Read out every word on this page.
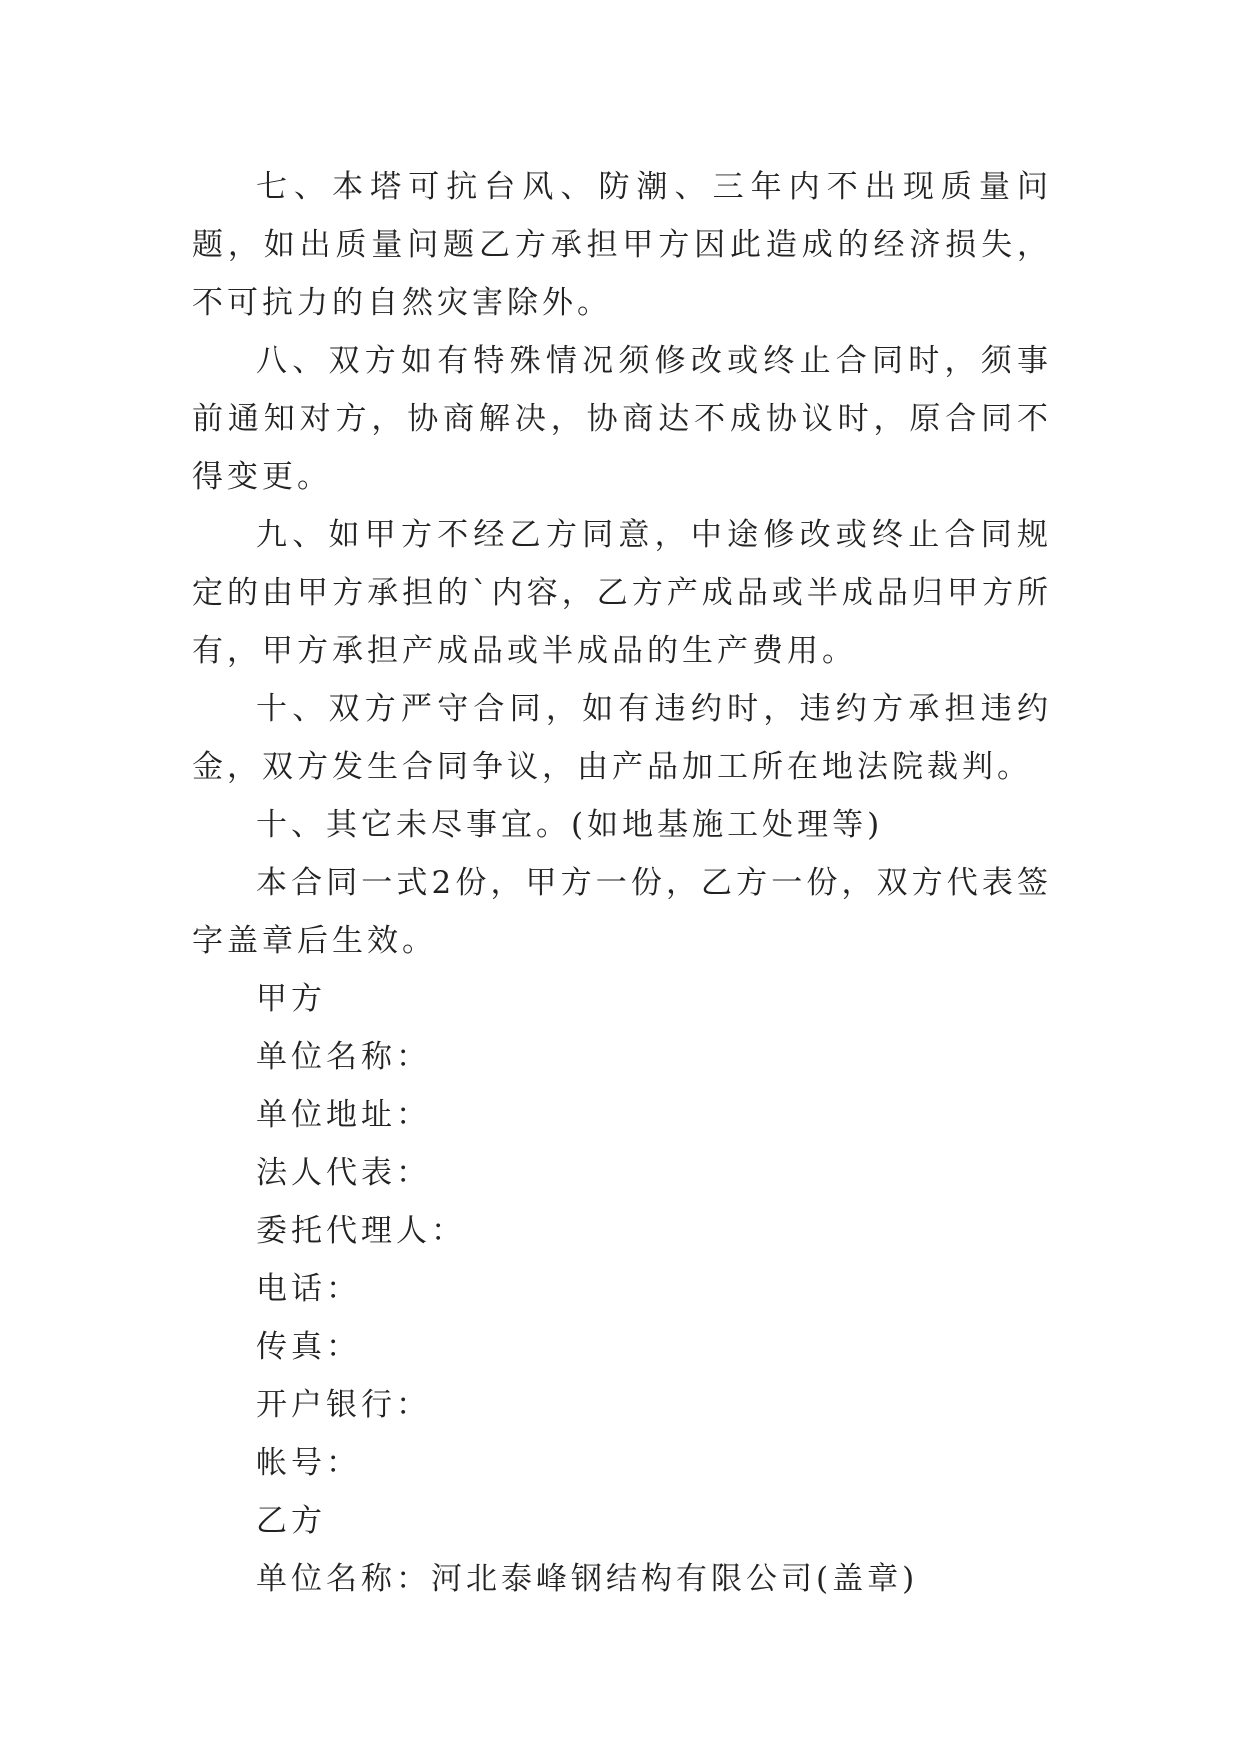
七、本塔可抗台风、防潮、三年内不出现质量问题，如出质量问题乙方承担甲方因此造成的经济损失，不可抗力的自然灾害除外。

八、双方如有特殊情况须修改或终止合同时，须事前通知对方，协商解决，协商达不成协议时，原合同不得变更。

九、如甲方不经乙方同意，中途修改或终止合同规定的由甲方承担的`内容，乙方产成品或半成品归甲方所有，甲方承担产成品或半成品的生产费用。

十、双方严守合同，如有违约时，违约方承担违约金，双方发生合同争议，由产品加工所在地法院裁判。

十、其它未尽事宜。(如地基施工处理等)

本合同一式2份，甲方一份，乙方一份，双方代表签字盖章后生效。

甲方

单位名称：

单位地址：

法人代表：

委托代理人：

电话：

传真：

开户银行：

帐号：

乙方

单位名称：河北泰峰钢结构有限公司(盖章)
